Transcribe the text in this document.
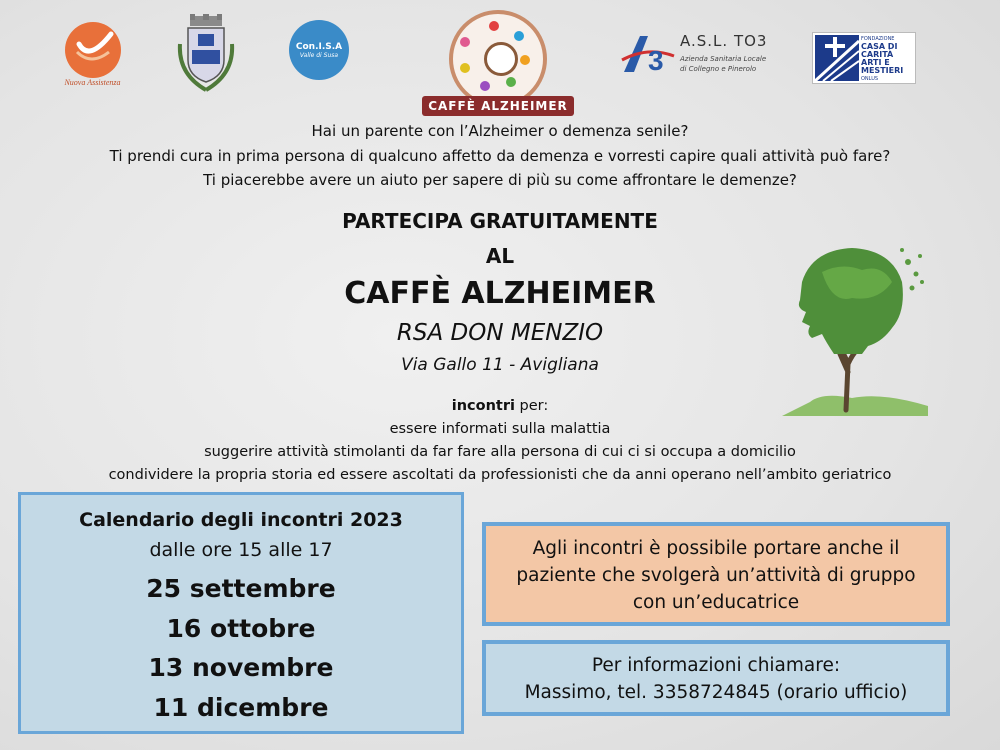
Nuova Assistenza
Con.I.S.A
Valle di Susa
CAFFÈ ALZHEIMER
3
A.S.L. TO3
Azienda Sanitaria Locale
di Collegno e Pinerolo
FONDAZIONE
CASA DI
CARITÀ
ARTI E
MESTIERI
ONLUS
Hai un parente con l’Alzheimer o demenza senile?
Ti prendi cura in prima persona di qualcuno affetto da demenza e vorresti capire quali attività può fare?
Ti piacerebbe avere un aiuto per sapere di più su come affrontare le demenze?
PARTECIPA GRATUITAMENTE
AL
CAFFÈ ALZHEIMER
RSA DON MENZIO
Via Gallo 11 - Avigliana
incontri per:
essere informati sulla malattia
suggerire attività stimolanti da far fare alla persona di cui ci si occupa a domicilio
condividere la propria storia ed essere ascoltati da professionisti che da anni operano nell’ambito geriatrico
Calendario degli incontri 2023
dalle ore 15 alle 17
25 settembre
16 ottobre
13 novembre
11 dicembre
Agli incontri è possibile portare anche il
paziente che svolgerà un’attività di gruppo
con un’educatrice
Per informazioni chiamare:
Massimo, tel. 3358724845 (orario ufficio)
